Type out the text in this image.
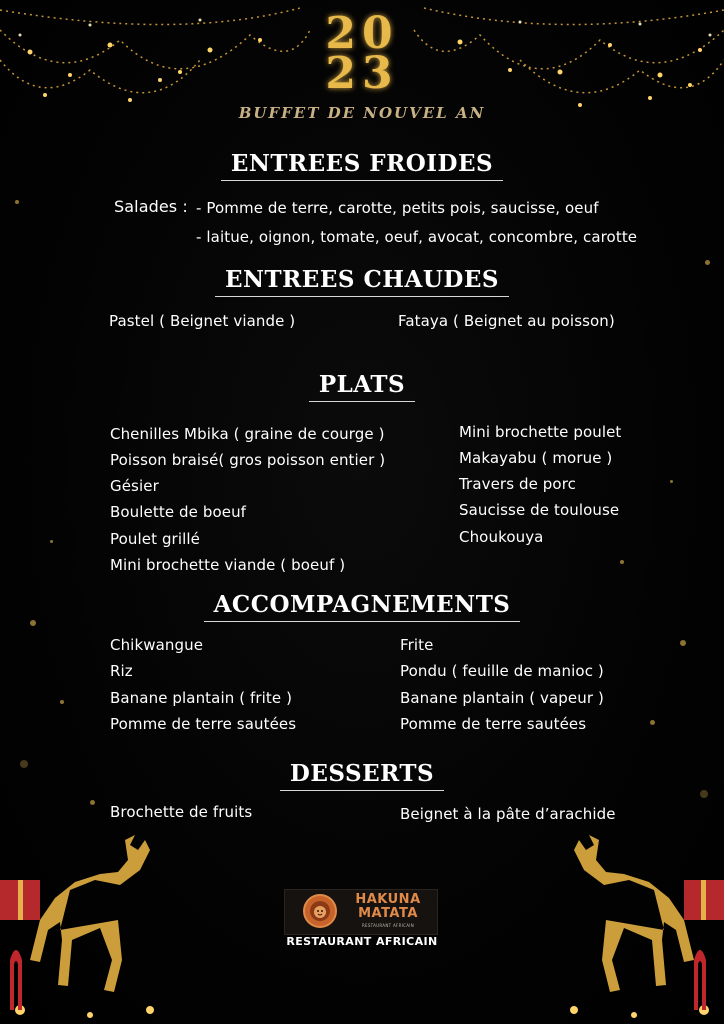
20
23
BUFFET DE NOUVEL AN
ENTREES FROIDES
Salades : - Pomme de terre, carotte, petits pois, saucisse, oeuf
- laitue, oignon, tomate, oeuf, avocat, concombre, carotte
ENTREES CHAUDES
Pastel ( Beignet viande )	Fataya ( Beignet au poisson)
PLATS
Chenilles Mbika ( graine de courge )
Poisson braisé( gros poisson entier )
Gésier
Boulette de boeuf
Poulet grillé
Mini brochette viande ( boeuf )
Mini brochette poulet
Makayabu ( morue )
Travers de porc
Saucisse de toulouse
Choukouya
ACCOMPAGNEMENTS
Chikwangue
Riz
Banane plantain ( frite )
Pomme de terre sautées
Frite
Pondu ( feuille de manioc )
Banane plantain ( vapeur )
Pomme de terre sautées
DESSERTS
Brochette de fruits	Beignet à la pâte d’arachide
HAKUNA
MATATA
RESTAURANT AFRICAIN
RESTAURANT AFRICAIN
